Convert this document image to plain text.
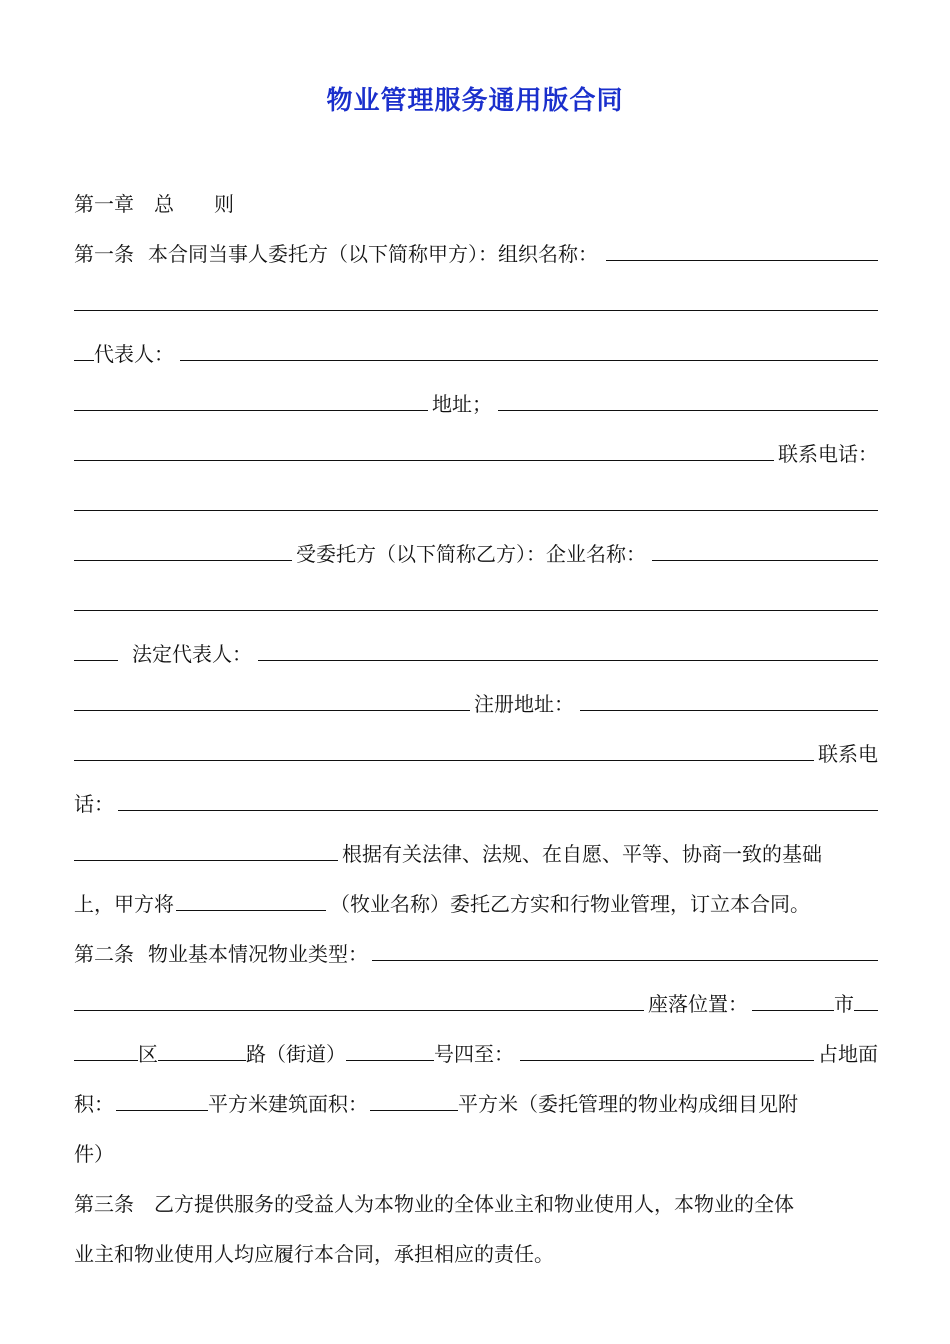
物业管理服务通用版合同
第一章　总　　则
第一条 本合同当事人委托方（以下简称甲方）：组织名称：
代表人：
地址；
联系电话：
受委托方（以下简称乙方）：企业名称：
法定代表人：
注册地址：
联系电
话：
根据有关法律、法规、在自愿、平等、协商一致的基础
上，甲方将	（牧业名称）委托乙方实和行物业管理，订立本合同。
第二条 物业基本情况物业类型：
座落位置：	市
区	路（街道）	号四至：	占地面
积：	平方米建筑面积：	平方米（委托管理的物业构成细目见附
件）
第三条　乙方提供服务的受益人为本物业的全体业主和物业使用人，本物业的全体
业主和物业使用人均应履行本合同，承担相应的责任。
